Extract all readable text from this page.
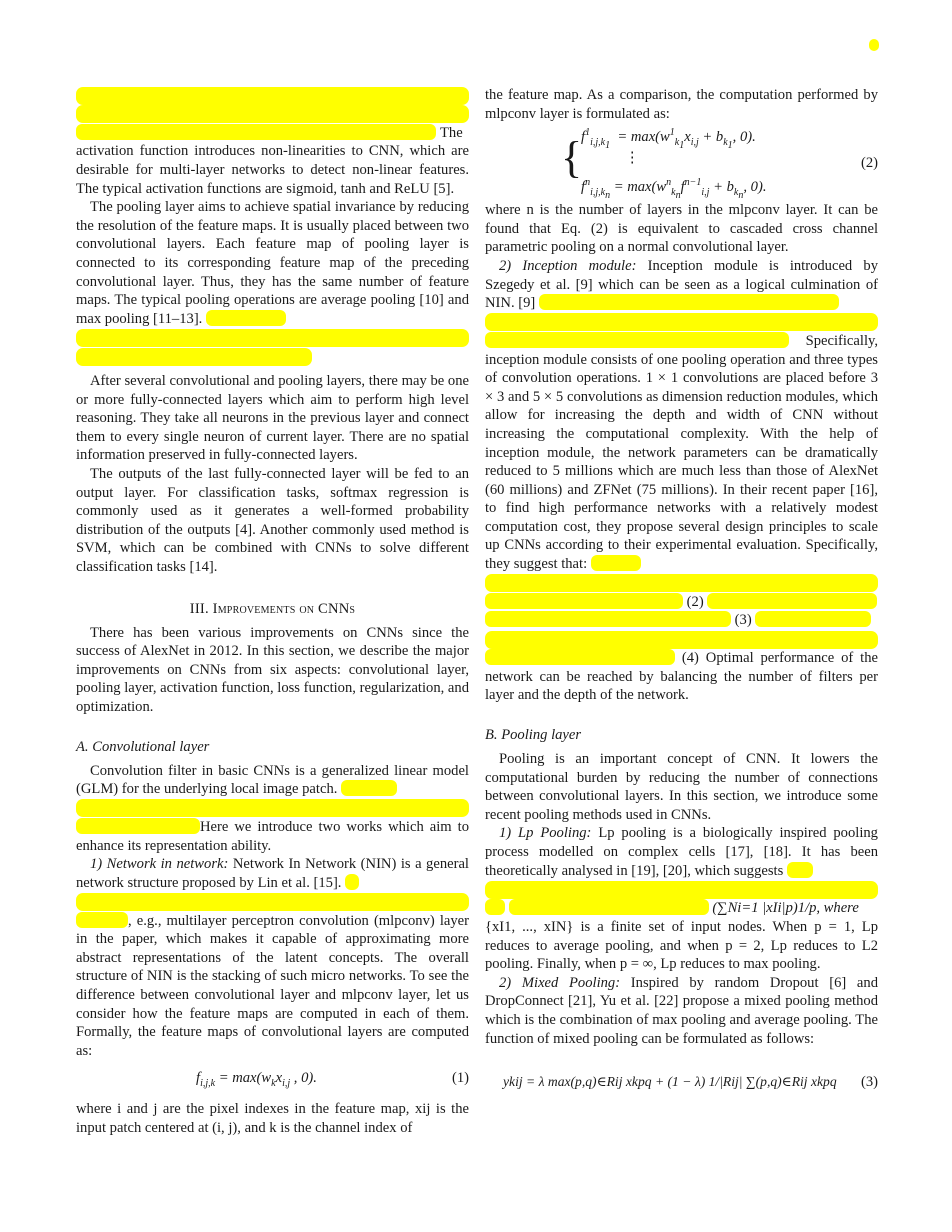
The activation function introduces non-linearities to CNN, which are desirable for multi-layer networks to detect non-linear features. The typical activation functions are sigmoid, tanh and ReLU [5].

The pooling layer aims to achieve spatial invariance by reducing the resolution of the feature maps. It is usually placed between two convolutional layers. Each feature map of pooling layer is connected to its corresponding feature map of the preceding convolutional layer. Thus, they has the same number of feature maps. The typical pooling operations are average pooling [10] and max pooling [11–13].

After several convolutional and pooling layers, there may be one or more fully-connected layers which aim to perform high level reasoning. They take all neurons in the previous layer and connect them to every single neuron of current layer. There are no spatial information preserved in fully-connected layers.

The outputs of the last fully-connected layer will be fed to an output layer. For classification tasks, softmax regression is commonly used as it generates a well-formed probability distribution of the outputs [4]. Another commonly used method is SVM, which can be combined with CNNs to solve different classification tasks [14].

III. Improvements on CNNs

There has been various improvements on CNNs since the success of AlexNet in 2012. In this section, we describe the major improvements on CNNs from six aspects: convolutional layer, pooling layer, activation function, loss function, regularization, and optimization.

A. Convolutional layer

Convolution filter in basic CNNs is a generalized linear model (GLM) for the underlying local image patch.

Here we introduce two works which aim to enhance its representation ability.

1) Network in network: Network In Network (NIN) is a general network structure proposed by Lin et al. [15].

, e.g., multilayer perceptron convolution (mlpconv) layer in the paper, which makes it capable of approximating more abstract representations of the latent concepts. The overall structure of NIN is the stacking of such micro networks. To see the difference between convolutional layer and mlpconv layer, let us consider how the feature maps are computed in each of them. Formally, the feature maps of convolutional layers are computed as:

$f_{i,j,k} = \max(w_kx_{i,j}$ , 0).	(1)

where i and j are the pixel indexes in the feature map, xij is the input patch centered at (i, j), and k is the channel index of

the feature map. As a comparison, the computation performed by mlpconv layer is formulated as:

{
$f^1_{i,j,k_1} = \max(w^1_{k_1}x_{i,j} + b_{k_1}$, 0).
⋮
$f^n_{i,j,k_n} = \max(w^n_{k_n}f^{n-1}_{i,j} + b_{k_n}$, 0).
(2)

where n is the number of layers in the mlpconv layer. It can be found that Eq. (2) is equivalent to cascaded cross channel parametric pooling on a normal convolutional layer.

2) Inception module: Inception module is introduced by Szegedy et al. [9] which can be seen as a logical culmination of NIN. [9]

Specifically, inception module consists of one pooling operation and three types of convolution operations. 1 × 1 convolutions are placed before 3 × 3 and 5 × 5 convolutions as dimension reduction modules, which allow for increasing the depth and width of CNN without increasing the computational complexity. With the help of inception module, the network parameters can be dramatically reduced to 5 millions which are much less than those of AlexNet (60 millions) and ZFNet (75 millions). In their recent paper [16], to find high performance networks with a relatively modest computation cost, they propose several design principles to scale up CNNs according to their experimental evaluation. Specifically, they suggest that:

(2)

(3)

(4) Optimal performance of the network can be reached by balancing the number of filters per layer and the depth of the network.

B. Pooling layer

Pooling is an important concept of CNN. It lowers the computational burden by reducing the number of connections between convolutional layers. In this section, we introduce some recent pooling methods used in CNNs.

1) Lp Pooling: Lp pooling is a biologically inspired pooling process modelled on complex cells [17], [18]. It has been theoretically analysed in [19], [20], which suggests

(∑Ni=1 |xIi|p)1/p, where

{xI1, ..., xIN} is a finite set of input nodes. When p = 1, Lp reduces to average pooling, and when p = 2, Lp reduces to L2 pooling. Finally, when p = ∞, Lp reduces to max pooling.

2) Mixed Pooling: Inspired by random Dropout [6] and DropConnect [21], Yu et al. [22] propose a mixed pooling method which is the combination of max pooling and average pooling. The function of mixed pooling can be formulated as follows:

ykij = λ max(p,q)∈Rij xkpq + (1 − λ) 1/|Rij| ∑(p,q)∈Rij xkpq (3)
